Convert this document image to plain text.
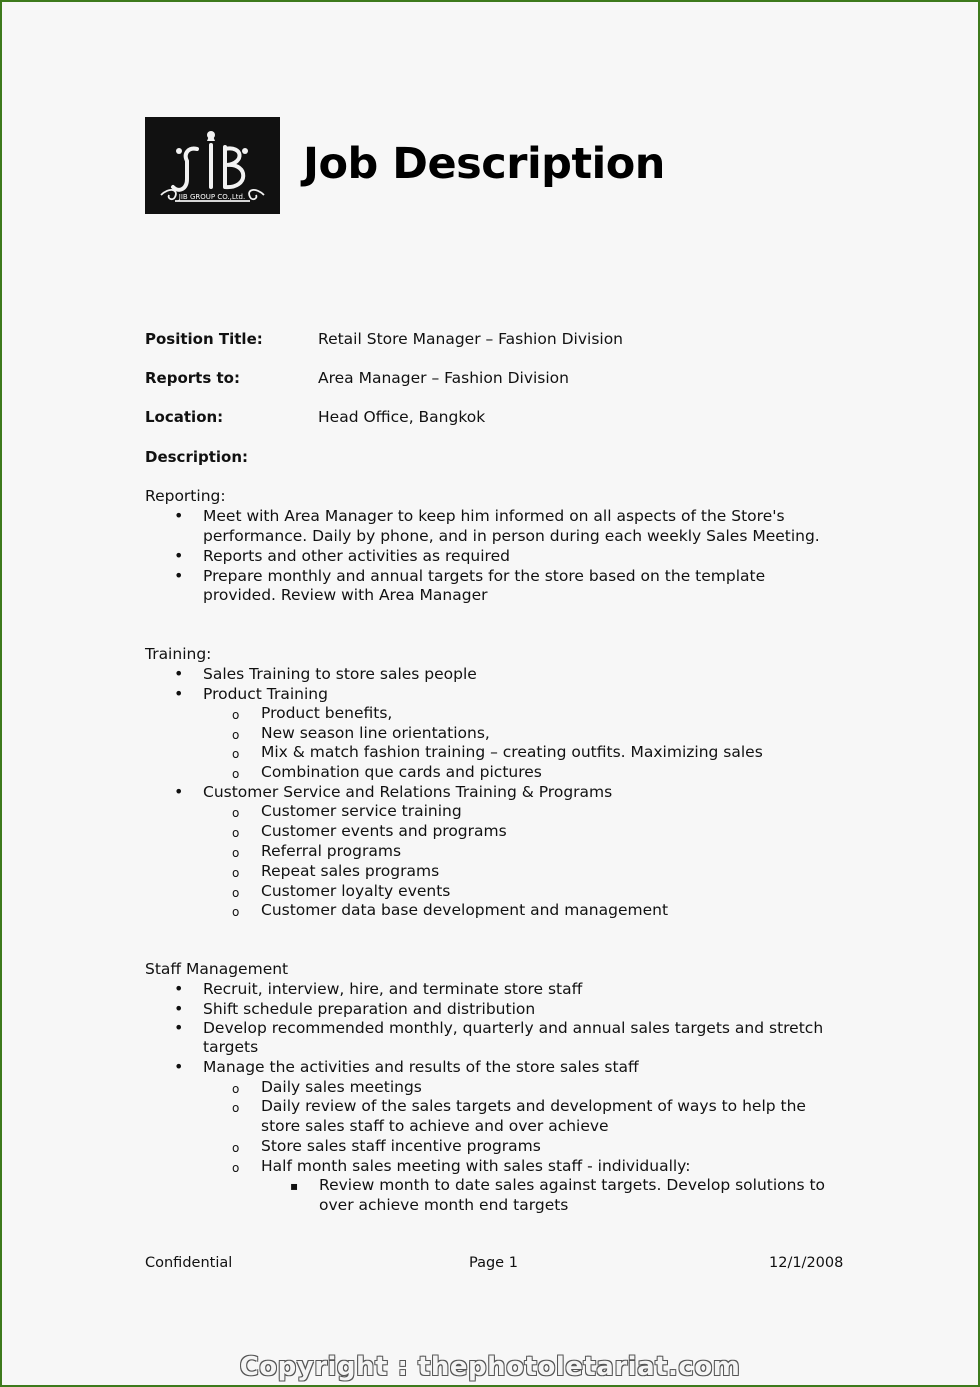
JIB GROUP CO.,Ltd.
Job Description
Position Title:	Retail Store Manager – Fashion Division
Reports to:	Area Manager – Fashion Division
Location:	Head Office, Bangkok
Description:
Reporting:
• Meet with Area Manager to keep him informed on all aspects of the Store's
performance. Daily by phone, and in person during each weekly Sales Meeting.
• Reports and other activities as required
• Prepare monthly and annual targets for the store based on the template
provided. Review with Area Manager
Training:
• Sales Training to store sales people
• Product Training
o Product benefits,
o New season line orientations,
o Mix & match fashion training – creating outfits. Maximizing sales
o Combination que cards and pictures
• Customer Service and Relations Training & Programs
o Customer service training
o Customer events and programs
o Referral programs
o Repeat sales programs
o Customer loyalty events
o Customer data base development and management
Staff Management
• Recruit, interview, hire, and terminate store staff
• Shift schedule preparation and distribution
• Develop recommended monthly, quarterly and annual sales targets and stretch
targets
• Manage the activities and results of the store sales staff
o Daily sales meetings
o Daily review of the sales targets and development of ways to help the
store sales staff to achieve and over achieve
o Store sales staff incentive programs
o Half month sales meeting with sales staff - individually:
▪ Review month to date sales against targets. Develop solutions to
over achieve month end targets
Confidential	Page 1	12/1/2008
Copyright : thephotoletariat.com
